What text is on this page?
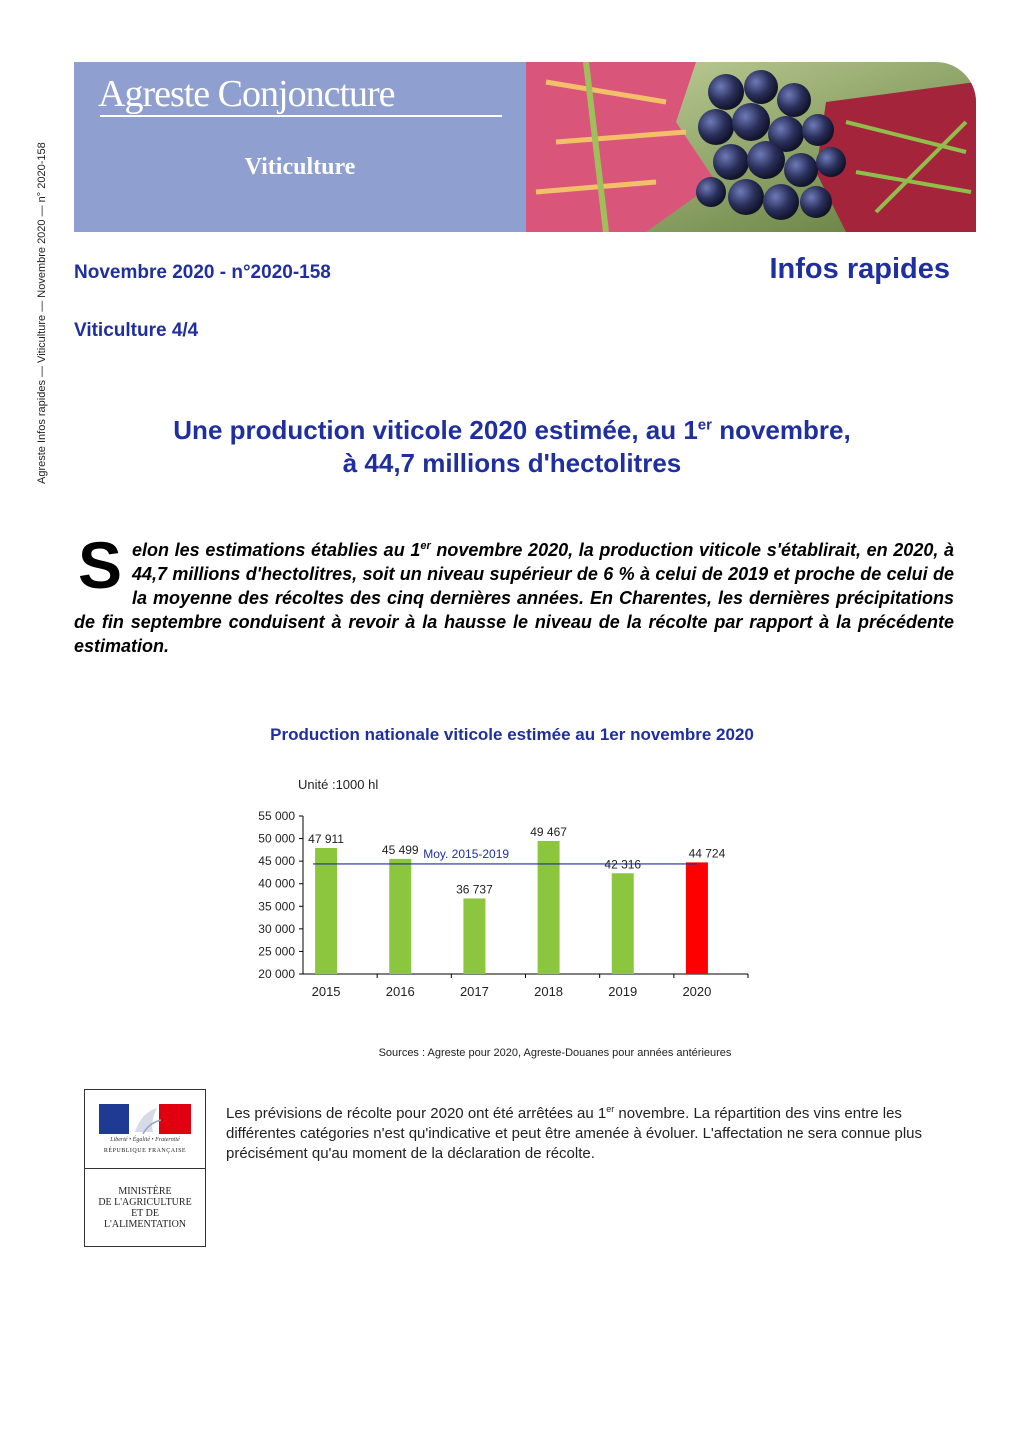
Agreste Infos rapides — Viticulture — Novembre 2020 — n° 2020-158
Agreste Conjoncture
Viticulture
Novembre 2020 - n°2020-158	Infos rapides
Viticulture 4/4
Une production viticole 2020 estimée, au 1er novembre,
à 44,7 millions d'hectolitres
Selon les estimations établies au 1er novembre 2020, la production viticole s'établirait, en 2020, à 44,7 millions d'hectolitres, soit un niveau supérieur de 6 % à celui de 2019 et proche de celui de la moyenne des récoltes des cinq dernières années. En Charentes, les dernières précipitations de fin septembre conduisent à revoir à la hausse le niveau de la récolte par rapport à la précédente estimation.
Production nationale viticole estimée au 1er novembre 2020
Unité :1000 hl
20 000
25 000
30 000
35 000
40 000
45 000
50 000
55 000
47 911
2015
45 499
2016
36 737
2017
49 467
2018
42 316
2019
44 724
2020
Moy. 2015-2019
Sources : Agreste pour 2020, Agreste-Douanes pour années antérieures
Liberté • Égalité • Fraternité
RÉPUBLIQUE FRANÇAISE
MINISTÈRE
DE L'AGRICULTURE
ET DE
L'ALIMENTATION
Les prévisions de récolte pour 2020 ont été arrêtées au 1er novembre. La répartition des vins entre les différentes catégories n'est qu'indicative et peut être amenée à évoluer. L'affectation ne sera connue plus précisément qu'au moment de la déclaration de récolte.
